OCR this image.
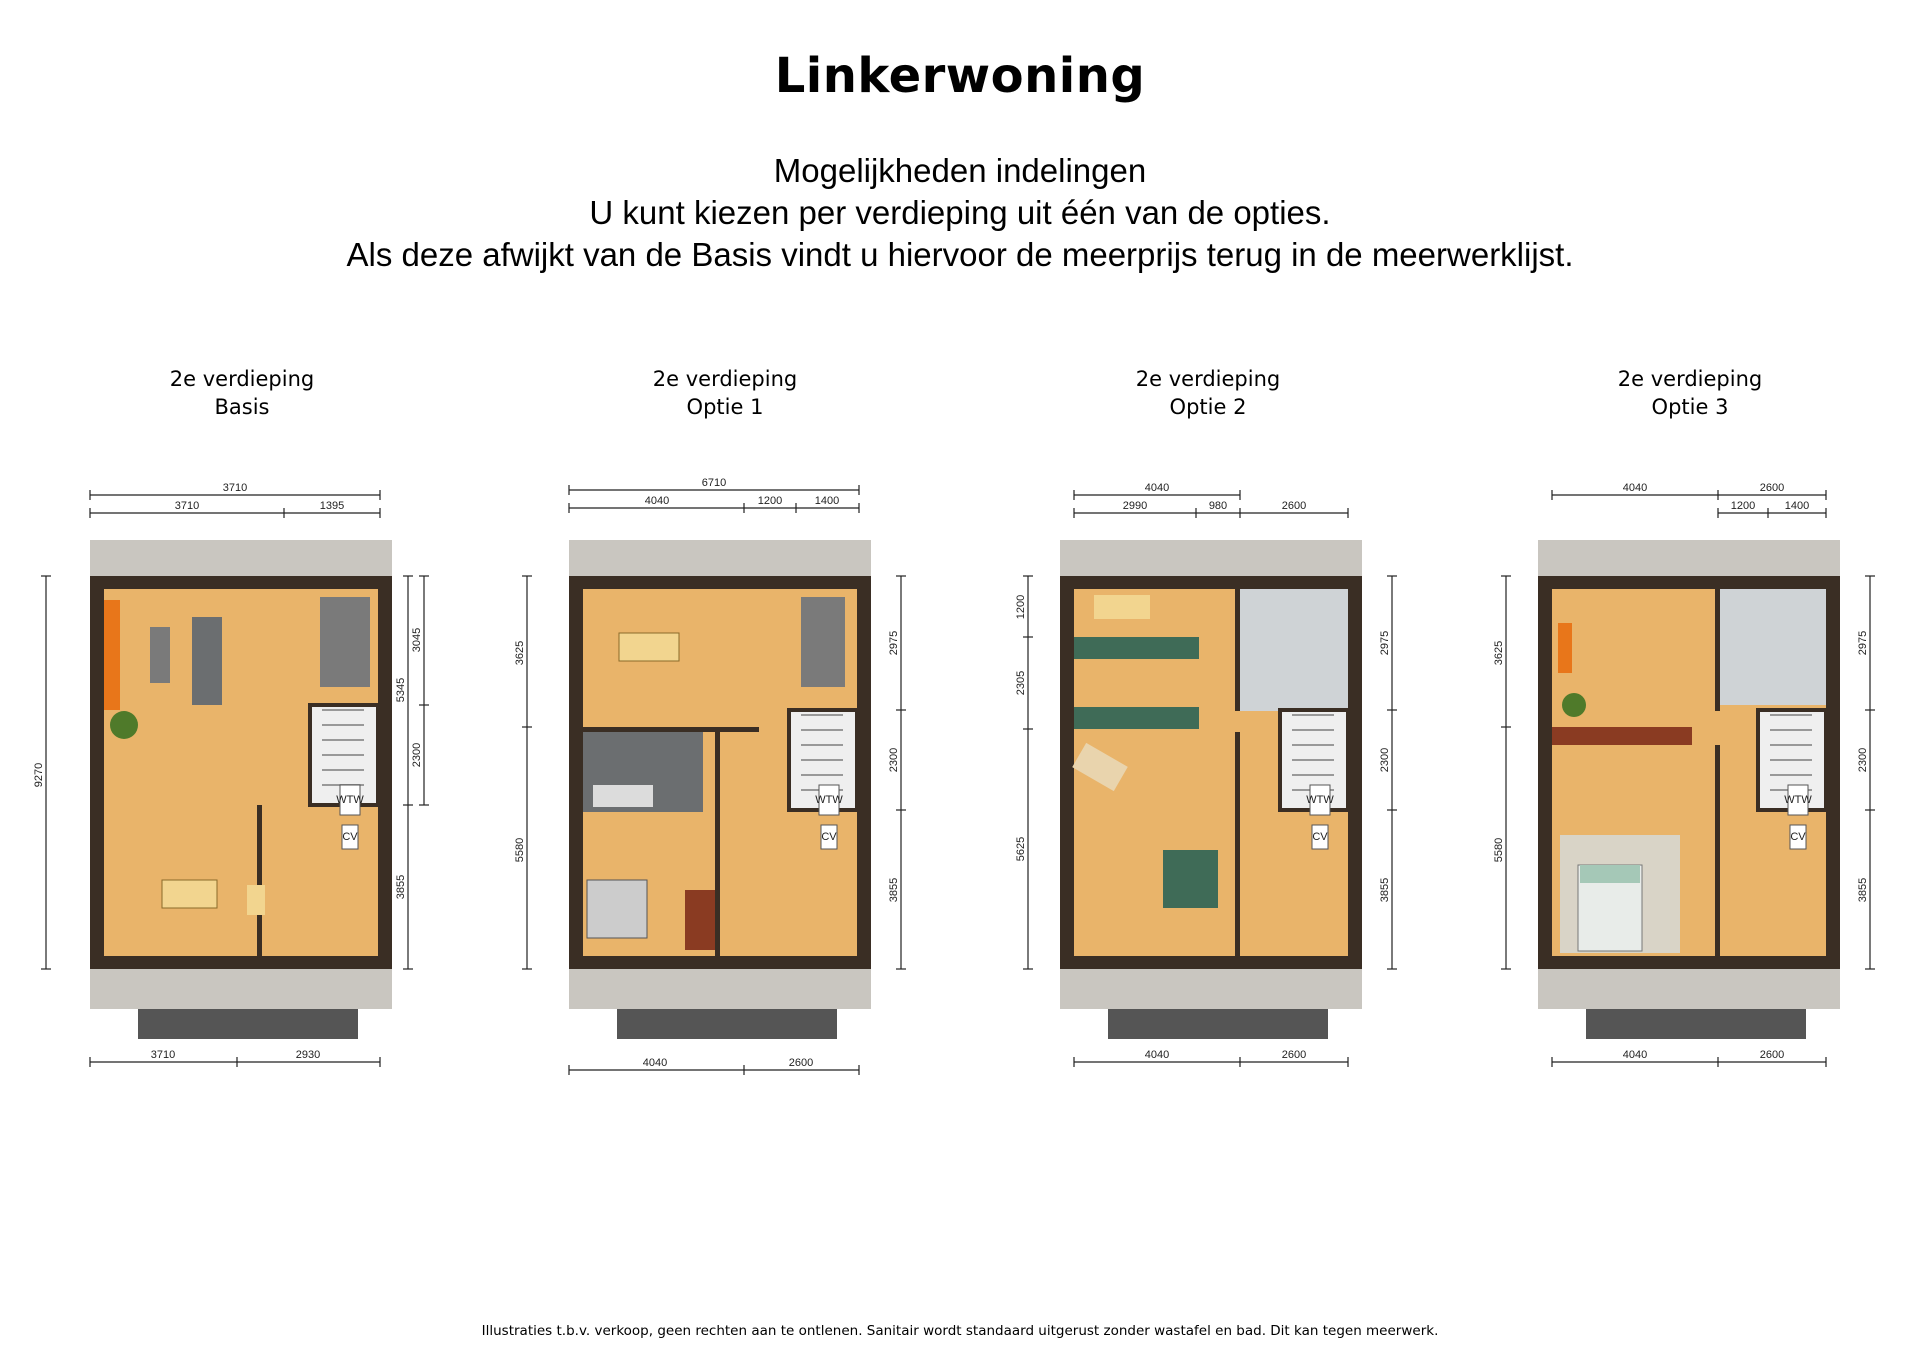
Linkerwoning
Mogelijkheden indelingen
U kunt kiezen per verdieping uit één van de opties.
Als deze afwijkt van de Basis vindt u hiervoor de meerprijs terug in de meerwerklijst.
2e verdieping
Basis
WTW
CV
3710
3710	1395
9270
5345
3855
3045
2300
3710	2930
2e verdieping
Optie 1
WTW
CV
6710
4040	1200	1400
3625
5580
2975
2300
3855
4040	2600
2e verdieping
Optie 2
WTW
CV
4040
2990	980	2600
1200
2305
5625
2975
2300
3855
4040	2600
2e verdieping
Optie 3
WTW
CV
4040	2600
1200	1400
3625
5580
2975
2300
3855
4040	2600
Illustraties t.b.v. verkoop, geen rechten aan te ontlenen. Sanitair wordt standaard uitgerust zonder wastafel en bad. Dit kan tegen meerwerk.
